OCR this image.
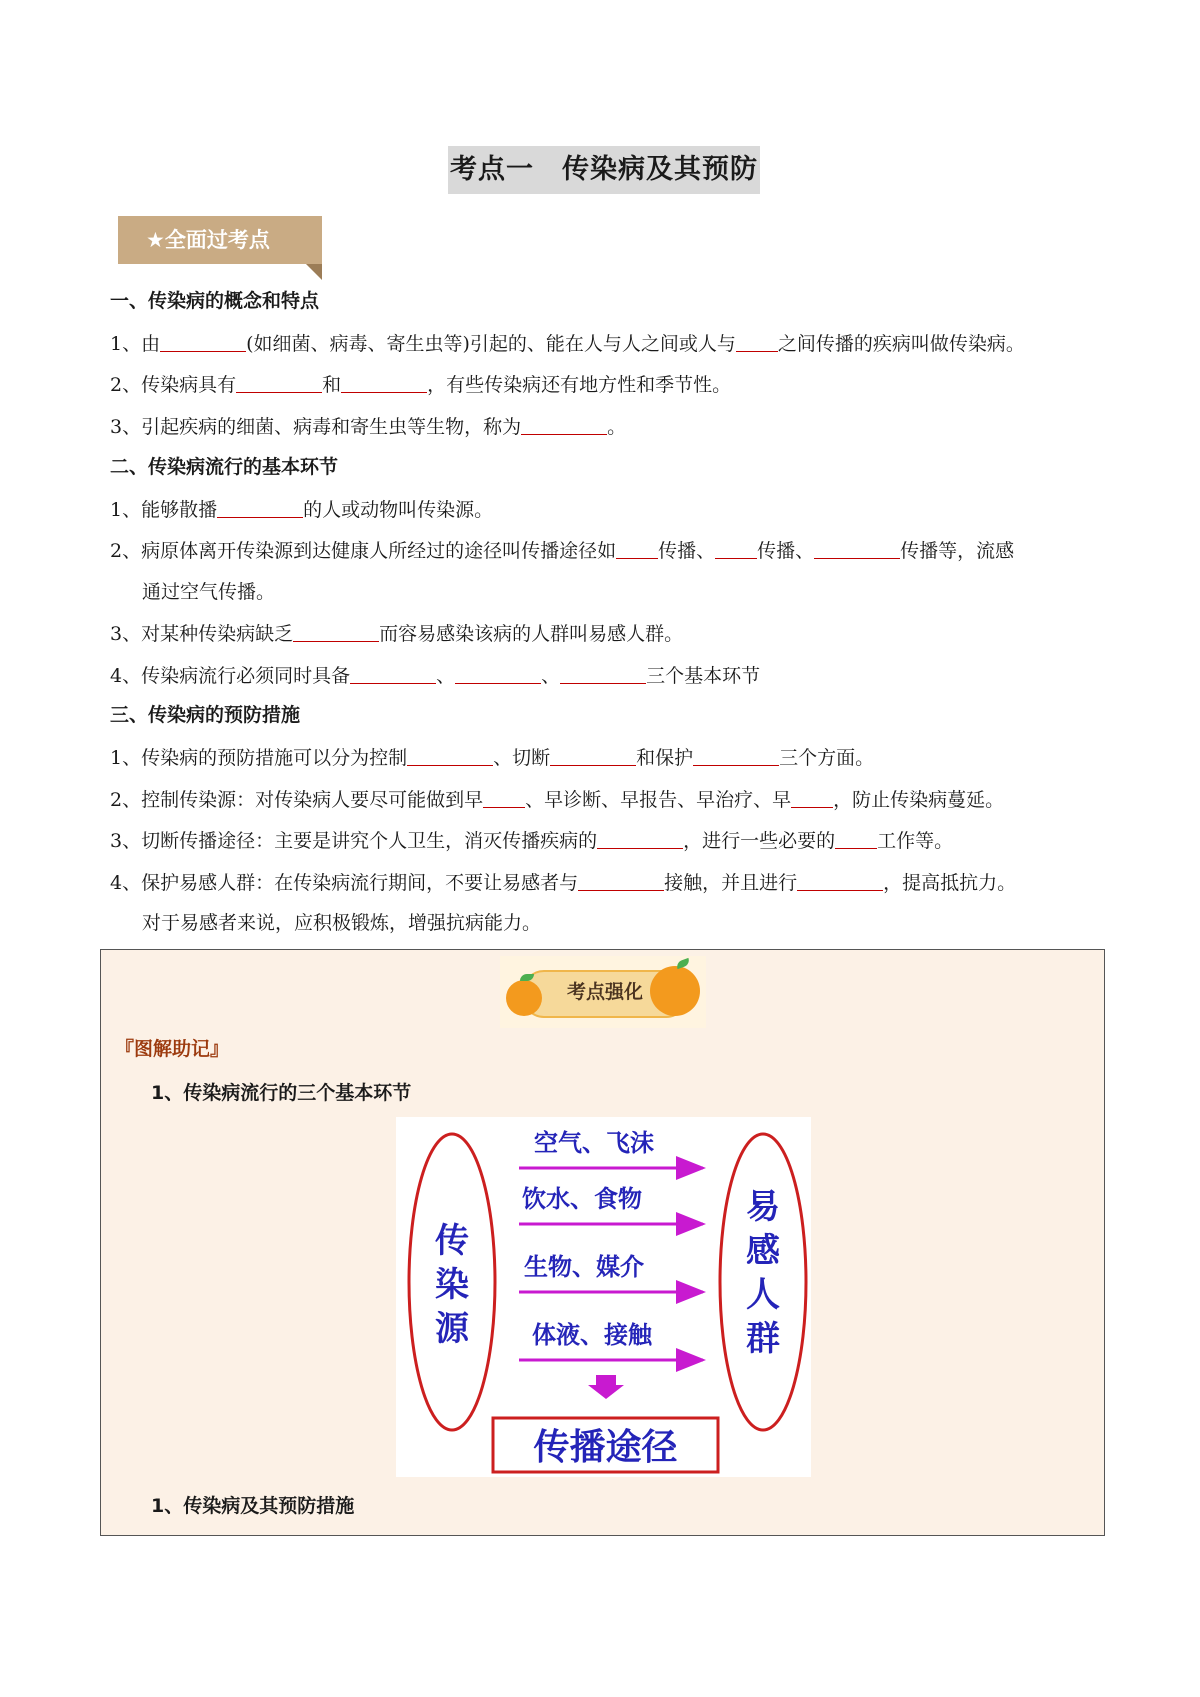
考点一　传染病及其预防
★全面过考点
一、传染病的概念和特点
1、由	(如细菌、病毒、寄生虫等)引起的、能在人与人之间或人与 之间传播的疾病叫做传染病。
2、传染病具有	和	，有些传染病还有地方性和季节性。
3、引起疾病的细菌、病毒和寄生虫等生物，称为	。
二、传染病流行的基本环节
1、能够散播	的人或动物叫传染源。
2、病原体离开传染源到达健康人所经过的途径叫传播途径如 传播、 传播、	传播等，流感
通过空气传播。
3、对某种传染病缺乏	而容易感染该病的人群叫易感人群。
4、传染病流行必须同时具备	、	、	三个基本环节
三、传染病的预防措施
1、传染病的预防措施可以分为控制	、切断	和保护	三个方面。
2、控制传染源：对传染病人要尽可能做到早 、早诊断、早报告、早治疗、早 ，防止传染病蔓延。
3、切断传播途径：主要是讲究个人卫生，消灭传播疾病的	，进行一些必要的 工作等。
4、保护易感人群：在传染病流行期间，不要让易感者与	接触，并且进行	，提高抵抗力。
对于易感者来说，应积极锻炼，增强抗病能力。
考点强化
『图解助记』
1、传染病流行的三个基本环节
传
染
源
易
感
人
群
空气、飞沫
饮水、食物
生物、媒介
体液、接触
传播途径
1、传染病及其预防措施
